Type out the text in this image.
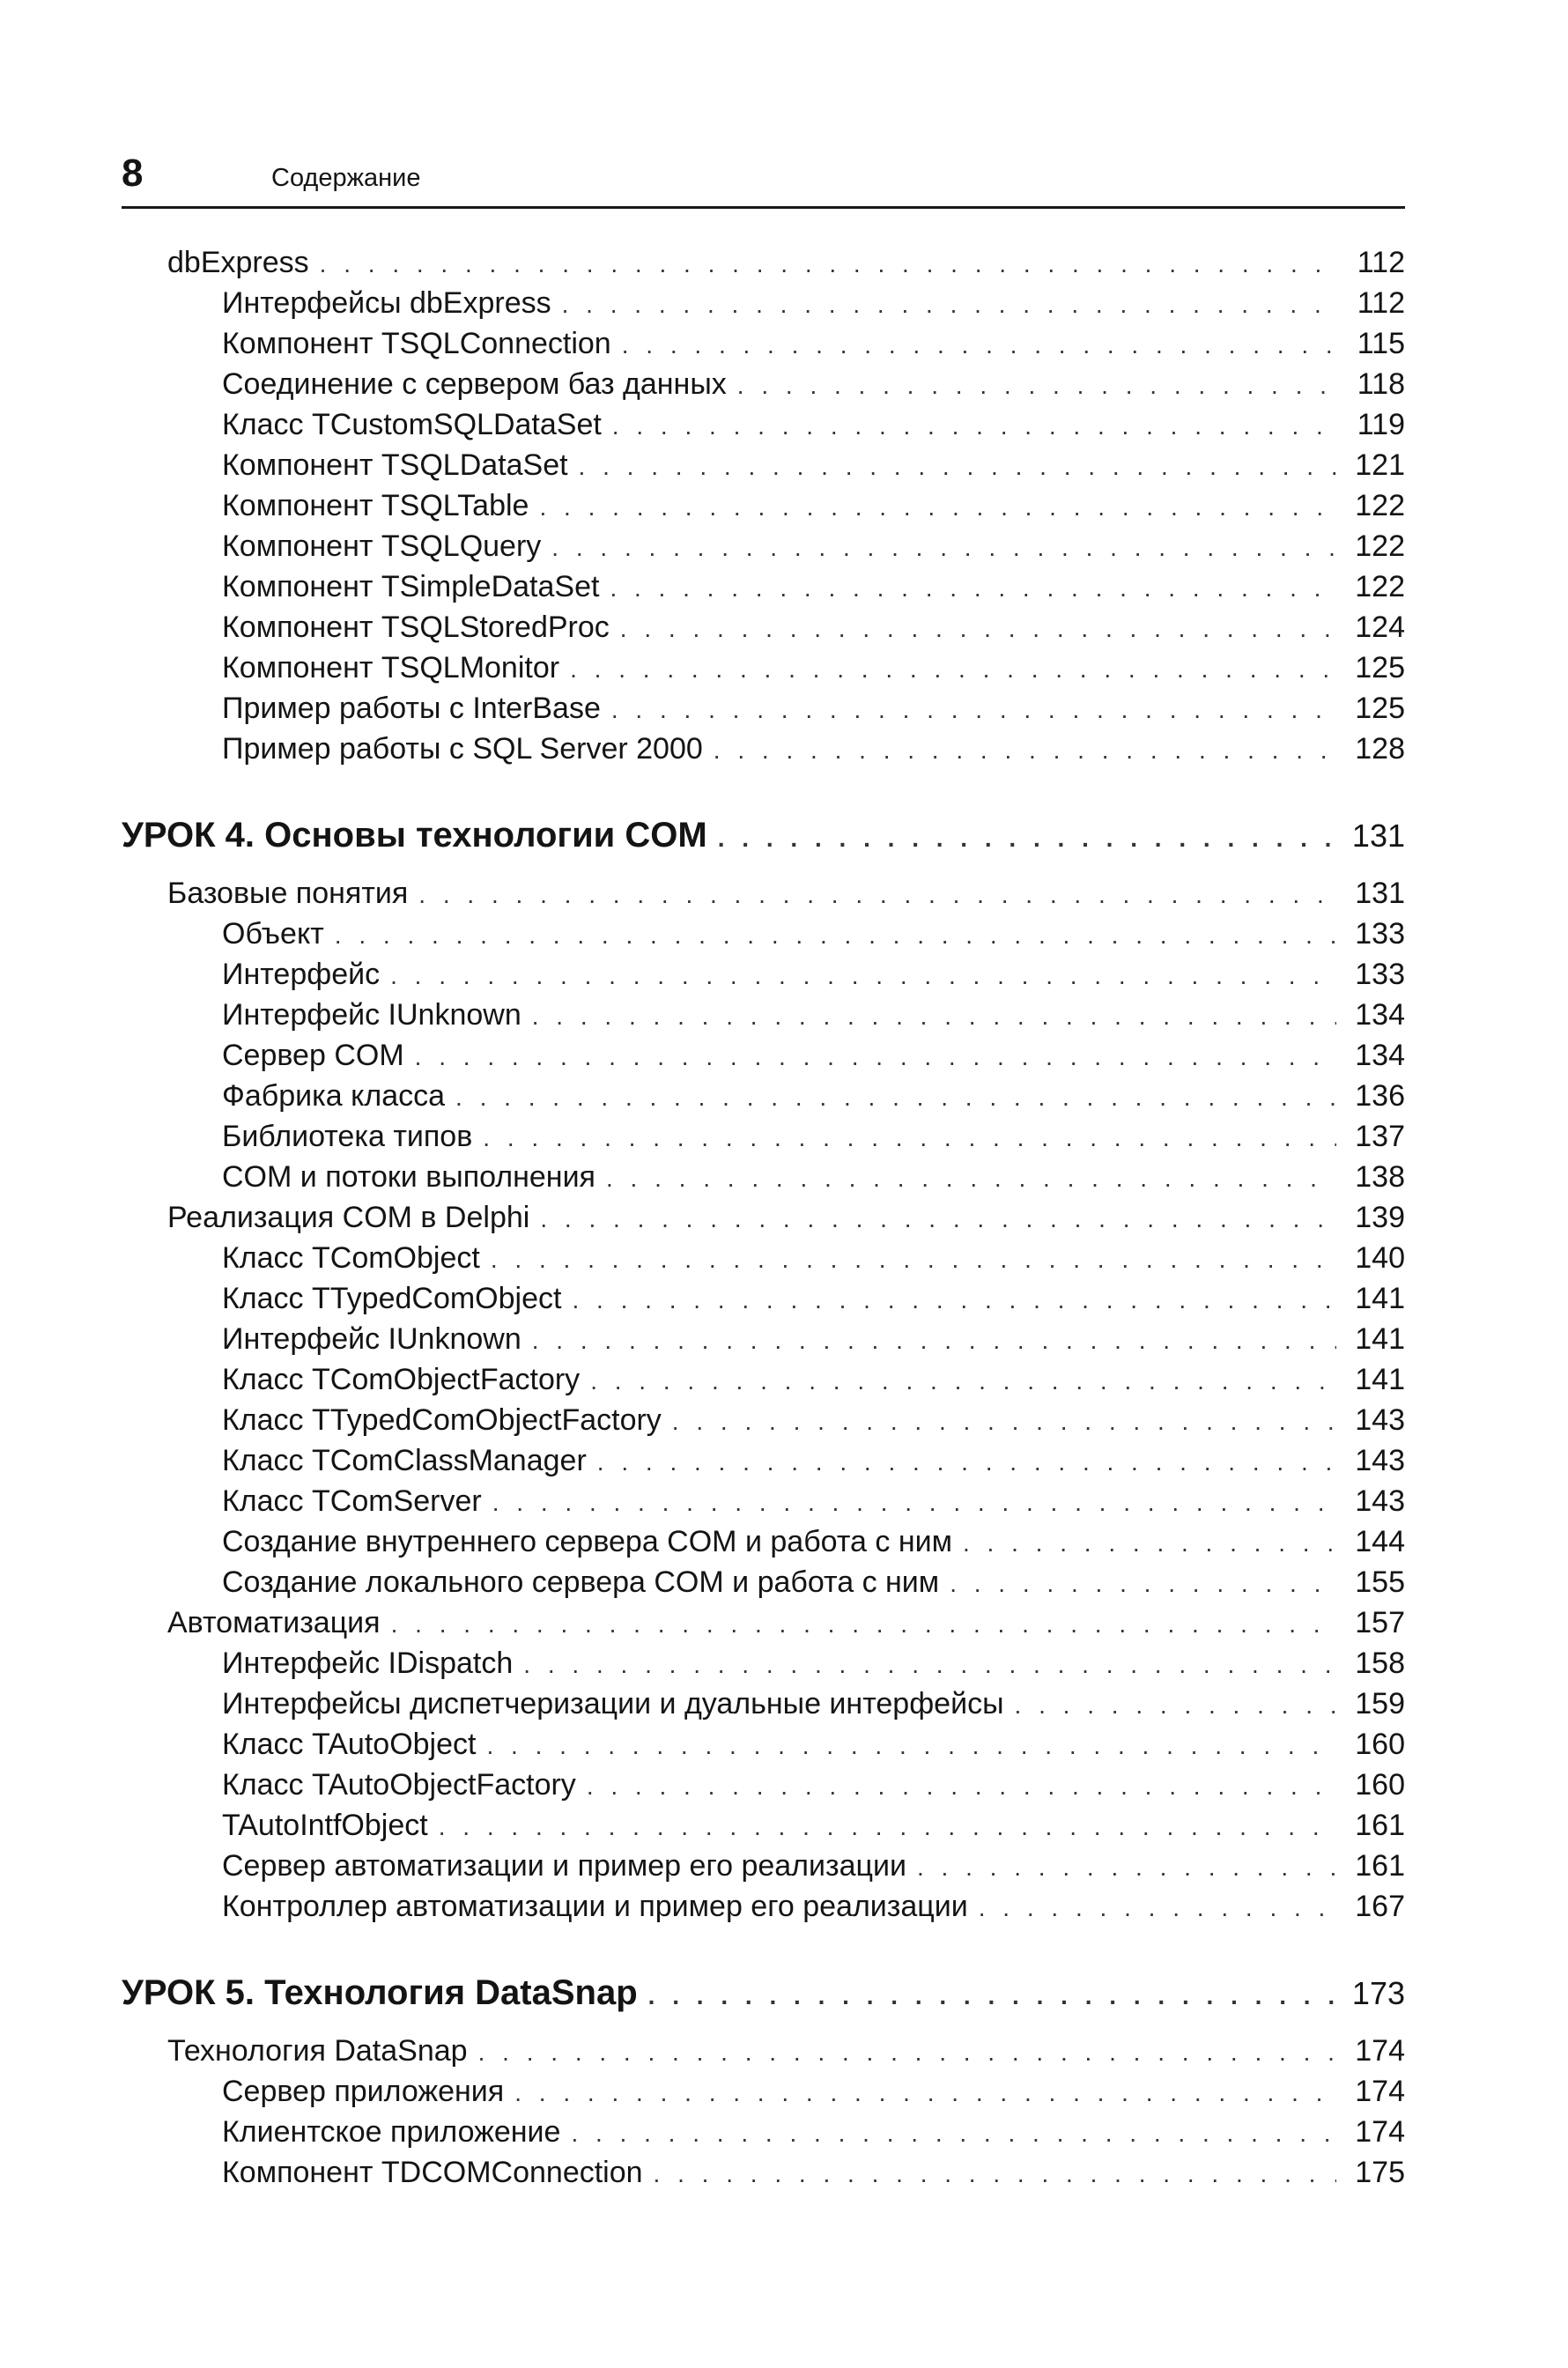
8	Содержание
dbExpress . . .	112
Интерфейсы dbExpress . . .	112
Компонент TSQLConnection . . .	115
Соединение с сервером баз данных . . .	118
Класс TCustomSQLDataSet . . .	119
Компонент TSQLDataSet . . .	121
Компонент TSQLTable . . .	122
Компонент TSQLQuery . . .	122
Компонент TSimpleDataSet . . .	122
Компонент TSQLStoredProc . . .	124
Компонент TSQLMonitor . . .	125
Пример работы с InterBase . . .	125
Пример работы с SQL Server 2000 . . .	128
УРОК 4. Основы технологии COM . . .	131
Базовые понятия . . .	131
Объект . . .	133
Интерфейс . . .	133
Интерфейс IUnknown . . .	134
Сервер COM . . .	134
Фабрика класса . . .	136
Библиотека типов . . .	137
COM и потоки выполнения . . .	138
Реализация COM в Delphi . . .	139
Класс TComObject . . .	140
Класс TTypedComObject . . .	141
Интерфейс IUnknown . . .	141
Класс TComObjectFactory . . .	141
Класс TTypedComObjectFactory . . .	143
Класс TComClassManager . . .	143
Класс TComServer . . .	143
Создание внутреннего сервера COM и работа с ним . . .	144
Создание локального сервера COM и работа с ним . . .	155
Автоматизация . . .	157
Интерфейс IDispatch . . .	158
Интерфейсы диспетчеризации и дуальные интерфейсы . . .	159
Класс TAutoObject . . .	160
Класс TAutoObjectFactory . . .	160
TAutoIntfObject . . .	161
Сервер автоматизации и пример его реализации . . .	161
Контроллер автоматизации и пример его реализации . . .	167
УРОК 5. Технология DataSnap . . .	173
Технология DataSnap . . .	174
Сервер приложения . . .	174
Клиентское приложение . . .	174
Компонент TDCOMConnection . . .	175
